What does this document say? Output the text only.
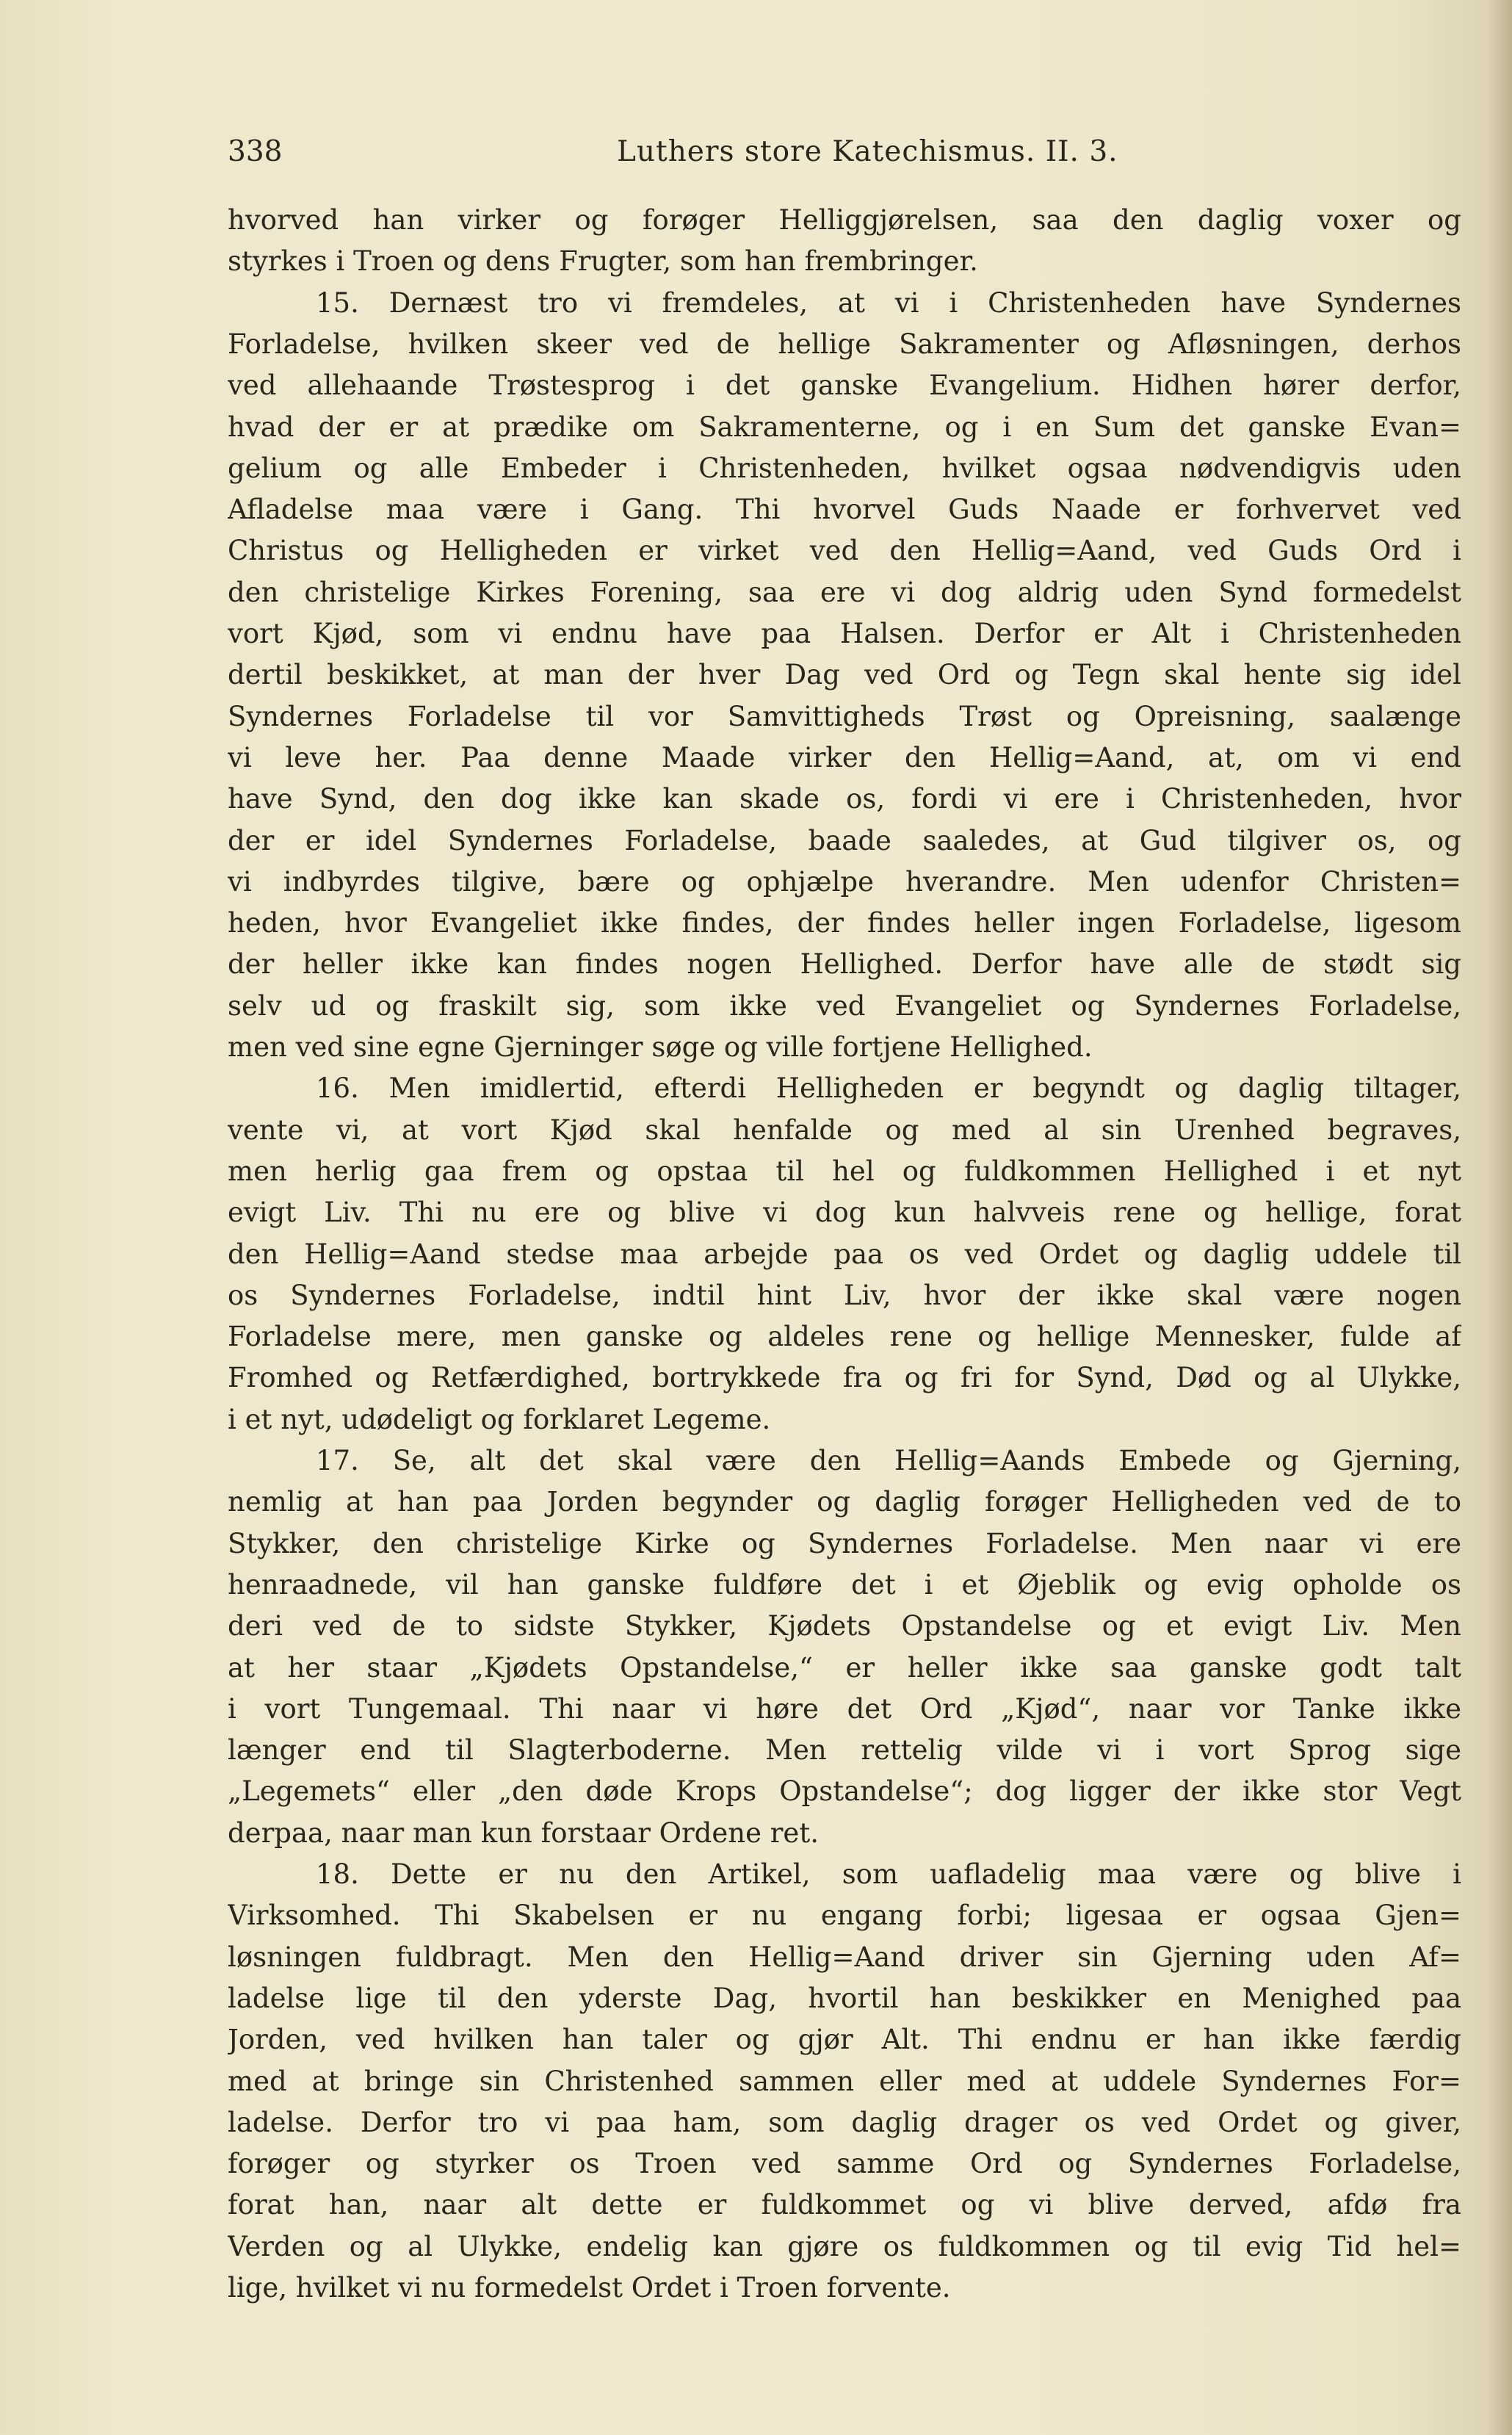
338	Luthers store Katechismus. II. 3.
hvorved han virker og forøger Helliggjørelsen, saa den daglig voxer og
styrkes i Troen og dens Frugter, som han frembringer.
15. Dernæst tro vi fremdeles, at vi i Christenheden have Syndernes
Forladelse, hvilken skeer ved de hellige Sakramenter og Afløsningen, derhos
ved allehaande Trøstesprog i det ganske Evangelium. Hidhen hører derfor,
hvad der er at prædike om Sakramenterne, og i en Sum det ganske Evan=
gelium og alle Embeder i Christenheden, hvilket ogsaa nødvendigvis uden
Afladelse maa være i Gang. Thi hvorvel Guds Naade er forhvervet ved
Christus og Helligheden er virket ved den Hellig=Aand, ved Guds Ord i
den christelige Kirkes Forening, saa ere vi dog aldrig uden Synd formedelst
vort Kjød, som vi endnu have paa Halsen. Derfor er Alt i Christenheden
dertil beskikket, at man der hver Dag ved Ord og Tegn skal hente sig idel
Syndernes Forladelse til vor Samvittigheds Trøst og Opreisning, saalænge
vi leve her. Paa denne Maade virker den Hellig=Aand, at, om vi end
have Synd, den dog ikke kan skade os, fordi vi ere i Christenheden, hvor
der er idel Syndernes Forladelse, baade saaledes, at Gud tilgiver os, og
vi indbyrdes tilgive, bære og ophjælpe hverandre. Men udenfor Christen=
heden, hvor Evangeliet ikke findes, der findes heller ingen Forladelse, ligesom
der heller ikke kan findes nogen Hellighed. Derfor have alle de stødt sig
selv ud og fraskilt sig, som ikke ved Evangeliet og Syndernes Forladelse,
men ved sine egne Gjerninger søge og ville fortjene Hellighed.
16. Men imidlertid, efterdi Helligheden er begyndt og daglig tiltager,
vente vi, at vort Kjød skal henfalde og med al sin Urenhed begraves,
men herlig gaa frem og opstaa til hel og fuldkommen Hellighed i et nyt
evigt Liv. Thi nu ere og blive vi dog kun halvveis rene og hellige, forat
den Hellig=Aand stedse maa arbejde paa os ved Ordet og daglig uddele til
os Syndernes Forladelse, indtil hint Liv, hvor der ikke skal være nogen
Forladelse mere, men ganske og aldeles rene og hellige Mennesker, fulde af
Fromhed og Retfærdighed, bortrykkede fra og fri for Synd, Død og al Ulykke,
i et nyt, udødeligt og forklaret Legeme.
17. Se, alt det skal være den Hellig=Aands Embede og Gjerning,
nemlig at han paa Jorden begynder og daglig forøger Helligheden ved de to
Stykker, den christelige Kirke og Syndernes Forladelse. Men naar vi ere
henraadnede, vil han ganske fuldføre det i et Øjeblik og evig opholde os
deri ved de to sidste Stykker, Kjødets Opstandelse og et evigt Liv. Men
at her staar „Kjødets Opstandelse,“ er heller ikke saa ganske godt talt
i vort Tungemaal. Thi naar vi høre det Ord „Kjød“, naar vor Tanke ikke
længer end til Slagterboderne. Men rettelig vilde vi i vort Sprog sige
„Legemets“ eller „den døde Krops Opstandelse“; dog ligger der ikke stor Vegt
derpaa, naar man kun forstaar Ordene ret.
18. Dette er nu den Artikel, som uafladelig maa være og blive i
Virksomhed. Thi Skabelsen er nu engang forbi; ligesaa er ogsaa Gjen=
løsningen fuldbragt. Men den Hellig=Aand driver sin Gjerning uden Af=
ladelse lige til den yderste Dag, hvortil han beskikker en Menighed paa
Jorden, ved hvilken han taler og gjør Alt. Thi endnu er han ikke færdig
med at bringe sin Christenhed sammen eller med at uddele Syndernes For=
ladelse. Derfor tro vi paa ham, som daglig drager os ved Ordet og giver,
forøger og styrker os Troen ved samme Ord og Syndernes Forladelse,
forat han, naar alt dette er fuldkommet og vi blive derved, afdø fra
Verden og al Ulykke, endelig kan gjøre os fuldkommen og til evig Tid hel=
lige, hvilket vi nu formedelst Ordet i Troen forvente.
